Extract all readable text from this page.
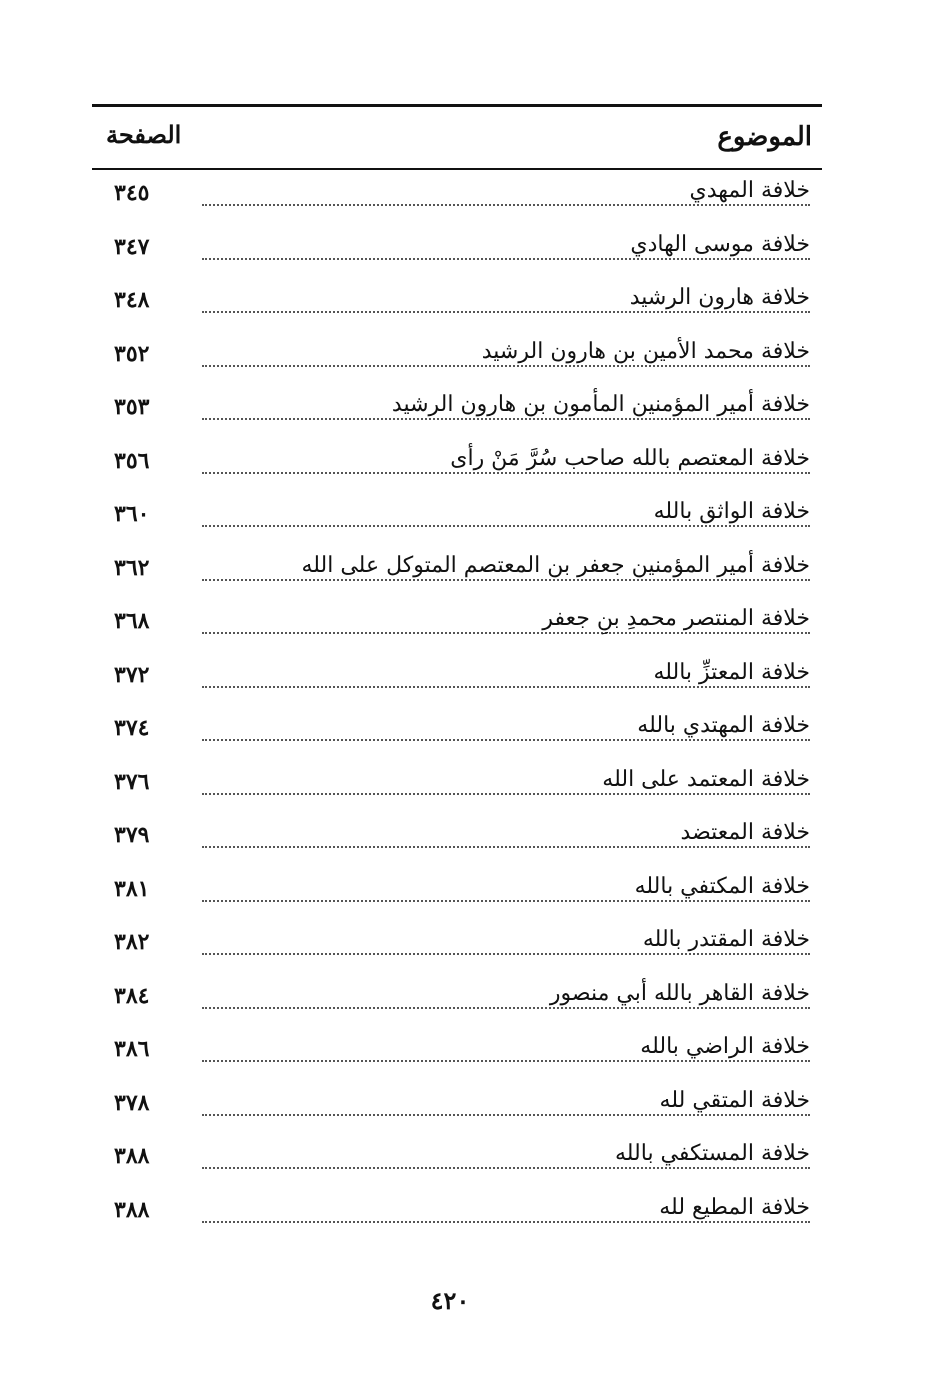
الموضوع
الصفحة
خلافة المهدي
٣٤٥
خلافة موسى الهادي
٣٤٧
خلافة هارون الرشيد
٣٤٨
خلافة محمد الأمين بن هارون الرشيد
٣٥٢
خلافة أمير المؤمنين المأمون بن هارون الرشيد
٣٥٣
خلافة المعتصم بالله صاحب سُرَّ مَنْ رأى
٣٥٦
خلافة الواثق بالله
٣٦٠
خلافة أمير المؤمنين جعفر بن المعتصم المتوكل على الله
٣٦٢
خلافة المنتصر محمدِ بنِ جعفر
٣٦٨
خلافة المعتزِّ بالله
٣٧٢
خلافة المهتدي بالله
٣٧٤
خلافة المعتمد على الله
٣٧٦
خلافة المعتضد
٣٧٩
خلافة المكتفي بالله
٣٨١
خلافة المقتدر بالله
٣٨٢
خلافة القاهر بالله أبي منصور
٣٨٤
خلافة الراضي بالله
٣٨٦
خلافة المتقي لله
٣٧٨
خلافة المستكفي بالله
٣٨٨
خلافة المطيع لله
٣٨٨
٤٢٠
